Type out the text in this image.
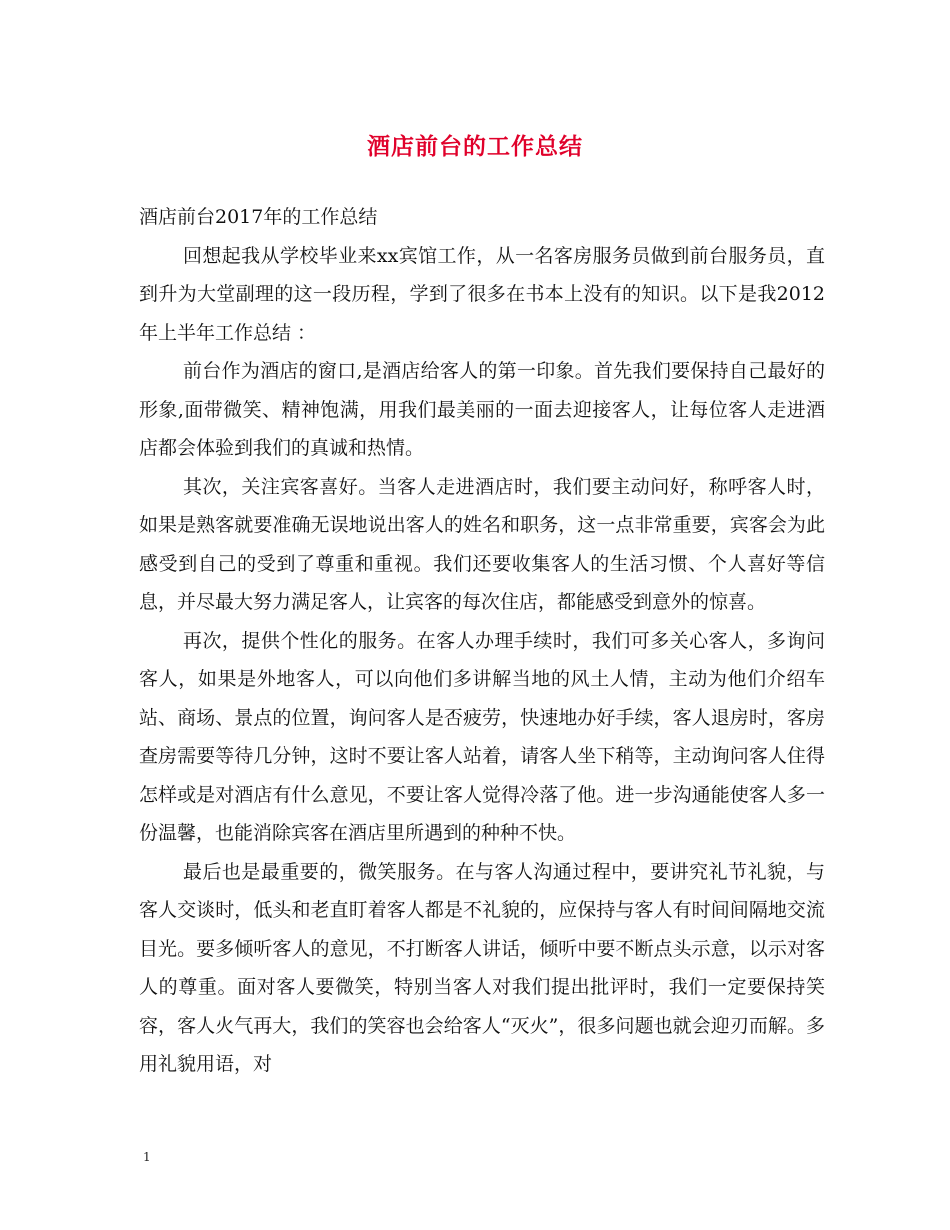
酒店前台的工作总结

酒店前台2017年的工作总结

回想起我从学校毕业来xx宾馆工作，从一名客房服务员做到前台服务员，直到升为大堂副理的这一段历程，学到了很多在书本上没有的知识。以下是我2012年上半年工作总结 ：

前台作为酒店的窗口,是酒店给客人的第一印象。首先我们要保持自己最好的形象,面带微笑、精神饱满，用我们最美丽的一面去迎接客人，让每位客人走进酒店都会体验到我们的真诚和热情。

其次，关注宾客喜好。当客人走进酒店时，我们要主动问好，称呼客人时，如果是熟客就要准确无误地说出客人的姓名和职务，这一点非常重要，宾客会为此感受到自己的受到了尊重和重视。我们还要收集客人的生活习惯、个人喜好等信息，并尽最大努力满足客人，让宾客的每次住店，都能感受到意外的惊喜。

再次，提供个性化的服务。在客人办理手续时，我们可多关心客人，多询问客人，如果是外地客人，可以向他们多讲解当地的风土人情，主动为他们介绍车站、商场、景点的位置，询问客人是否疲劳，快速地办好手续，客人退房时，客房查房需要等待几分钟，这时不要让客人站着，请客人坐下稍等，主动询问客人住得怎样或是对酒店有什么意见，不要让客人觉得冷落了他。进一步沟通能使客人多一份温馨，也能消除宾客在酒店里所遇到的种种不快。

最后也是最重要的，微笑服务。在与客人沟通过程中，要讲究礼节礼貌，与客人交谈时，低头和老直盯着客人都是不礼貌的，应保持与客人有时间间隔地交流目光。要多倾听客人的意见，不打断客人讲话，倾听中要不断点头示意，以示对客人的尊重。面对客人要微笑，特别当客人对我们提出批评时，我们一定要保持笑容，客人火气再大，我们的笑容也会给客人“灭火”，很多问题也就会迎刃而解。多用礼貌用语，对

1
